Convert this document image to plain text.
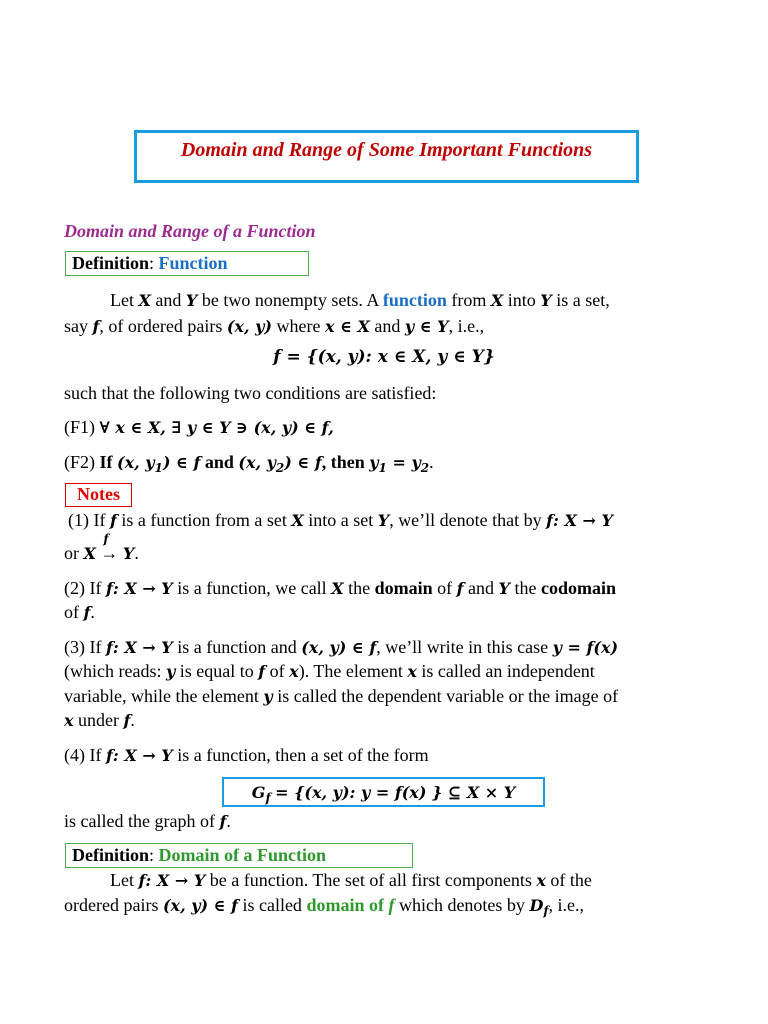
Domain and Range of Some Important Functions
Domain and Range of a Function
Definition: Function
Let X and Y be two nonempty sets. A function from X into Y is a set,
say f, of ordered pairs (x, y) where x ∈ X and y ∈ Y, i.e.,
f = {(x, y): x ∈ X, y ∈ Y}
such that the following two conditions are satisfied:
(F1) ∀ x ∈ X, ∃ y ∈ Y ∋ (x, y) ∈ f,
(F2) If (x, $y_1$) ∈ f and (x, $y_2$) ∈ f, then $y_1 = y_2$.
Notes
(1) If f is a function from a set X into a set Y, we’ll denote that by f: X → Y
or X
f
→ Y.
(2) If f: X → Y is a function, we call X the domain of f and Y the codomain
of f.
(3) If f: X → Y is a function and (x, y) ∈ f, we’ll write in this case y = f(x)
(which reads: y is equal to f of x). The element x is called an independent
variable, while the element y is called the dependent variable or the image of
x under f.
(4) If f: X → Y is a function, then a set of the form
$G_f = \{(x$, y): y = f(x) } ⊆ X × Y
is called the graph of f.
Definition: Domain of a Function
Let f: X → Y be a function. The set of all first components x of the
ordered pairs (x, y) ∈ f is called domain of f which denotes by $D_f$, i.e.,
